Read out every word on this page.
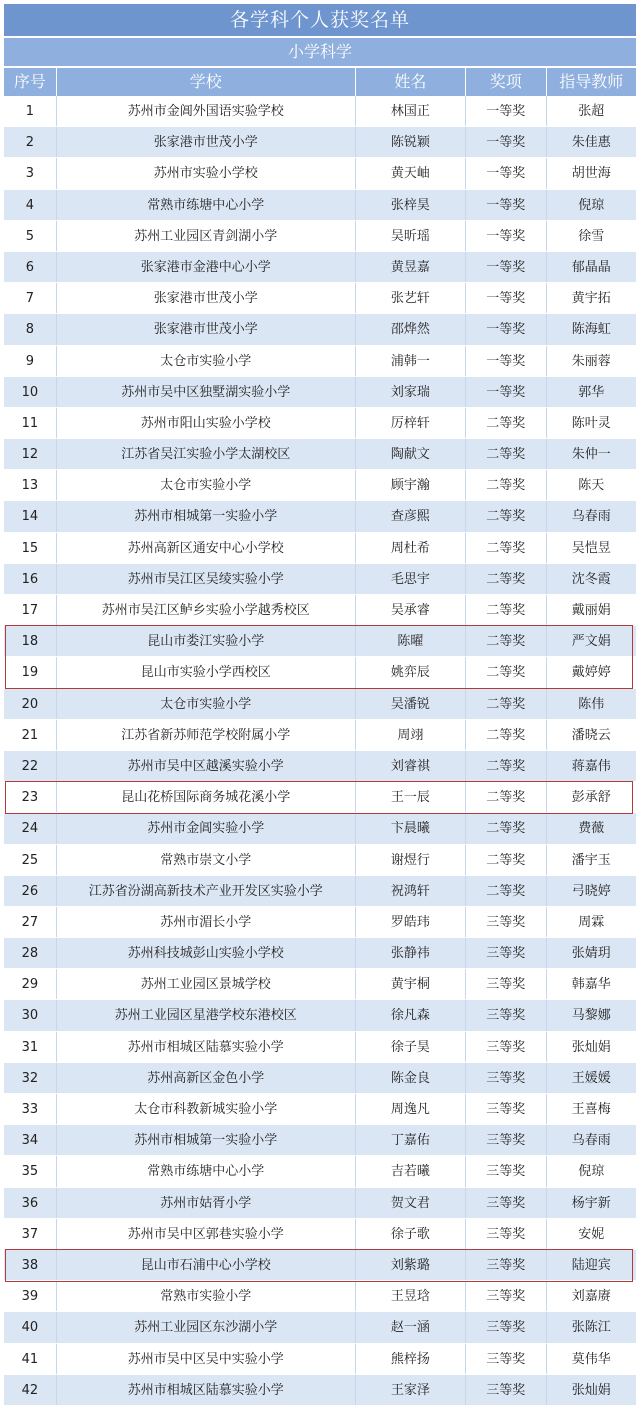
各学科个人获奖名单
小学科学
序号	学校	姓名	奖项	指导教师
1	苏州市金阊外国语实验学校	林国正	一等奖	张超
2	张家港市世茂小学	陈锐颖	一等奖	朱佳惠
3	苏州市实验小学校	黄天岫	一等奖	胡世海
4	常熟市练塘中心小学	张梓昊	一等奖	倪琼
5	苏州工业园区青剑湖小学	吴昕瑶	一等奖	徐雪
6	张家港市金港中心小学	黄昱嘉	一等奖	郁晶晶
7	张家港市世茂小学	张艺轩	一等奖	黄宇拓
8	张家港市世茂小学	邵烨然	一等奖	陈海虹
9	太仓市实验小学	浦韩一	一等奖	朱丽蓉
10	苏州市吴中区独墅湖实验小学	刘家瑞	一等奖	郭华
11	苏州市阳山实验小学校	厉梓轩	二等奖	陈叶灵
12	江苏省吴江实验小学太湖校区	陶献文	二等奖	朱仲一
13	太仓市实验小学	顾宇瀚	二等奖	陈天
14	苏州市相城第一实验小学	查彦熙	二等奖	乌春雨
15	苏州高新区通安中心小学校	周杜希	二等奖	吴恺昱
16	苏州市吴江区吴绫实验小学	毛思宇	二等奖	沈冬霞
17	苏州市吴江区鲈乡实验小学越秀校区	吴承睿	二等奖	戴丽娟
18	昆山市娄江实验小学	陈曜	二等奖	严文娟
19	昆山市实验小学西校区	姚弈辰	二等奖	戴婷婷
20	太仓市实验小学	吴潘锐	二等奖	陈伟
21	江苏省新苏师范学校附属小学	周翊	二等奖	潘晓云
22	苏州市吴中区越溪实验小学	刘睿祺	二等奖	蒋嘉伟
23	昆山花桥国际商务城花溪小学	王一辰	二等奖	彭承舒
24	苏州市金阊实验小学	卞晨曦	二等奖	费薇
25	常熟市崇文小学	谢煜行	二等奖	潘宇玉
26	江苏省汾湖高新技术产业开发区实验小学	祝鸿轩	二等奖	弓晓婷
27	苏州市湄长小学	罗皓玮	三等奖	周霖
28	苏州科技城彭山实验小学校	张静祎	三等奖	张婧玥
29	苏州工业园区景城学校	黄宇桐	三等奖	韩嘉华
30	苏州工业园区星港学校东港校区	徐凡森	三等奖	马黎娜
31	苏州市相城区陆慕实验小学	徐子昊	三等奖	张灿娟
32	苏州高新区金色小学	陈金良	三等奖	王媛媛
33	太仓市科教新城实验小学	周逸凡	三等奖	王喜梅
34	苏州市相城第一实验小学	丁嘉佑	三等奖	乌春雨
35	常熟市练塘中心小学	吉若曦	三等奖	倪琼
36	苏州市姑胥小学	贺文君	三等奖	杨宇新
37	苏州市吴中区郭巷实验小学	徐子歌	三等奖	安妮
38	昆山市石浦中心小学校	刘紫璐	三等奖	陆迎宾
39	常熟市实验小学	王昱琀	三等奖	刘嘉赓
40	苏州工业园区东沙湖小学	赵一涵	三等奖	张陈江
41	苏州市吴中区吴中实验小学	熊梓扬	三等奖	莫伟华
42	苏州市相城区陆慕实验小学	王家泽	三等奖	张灿娟
